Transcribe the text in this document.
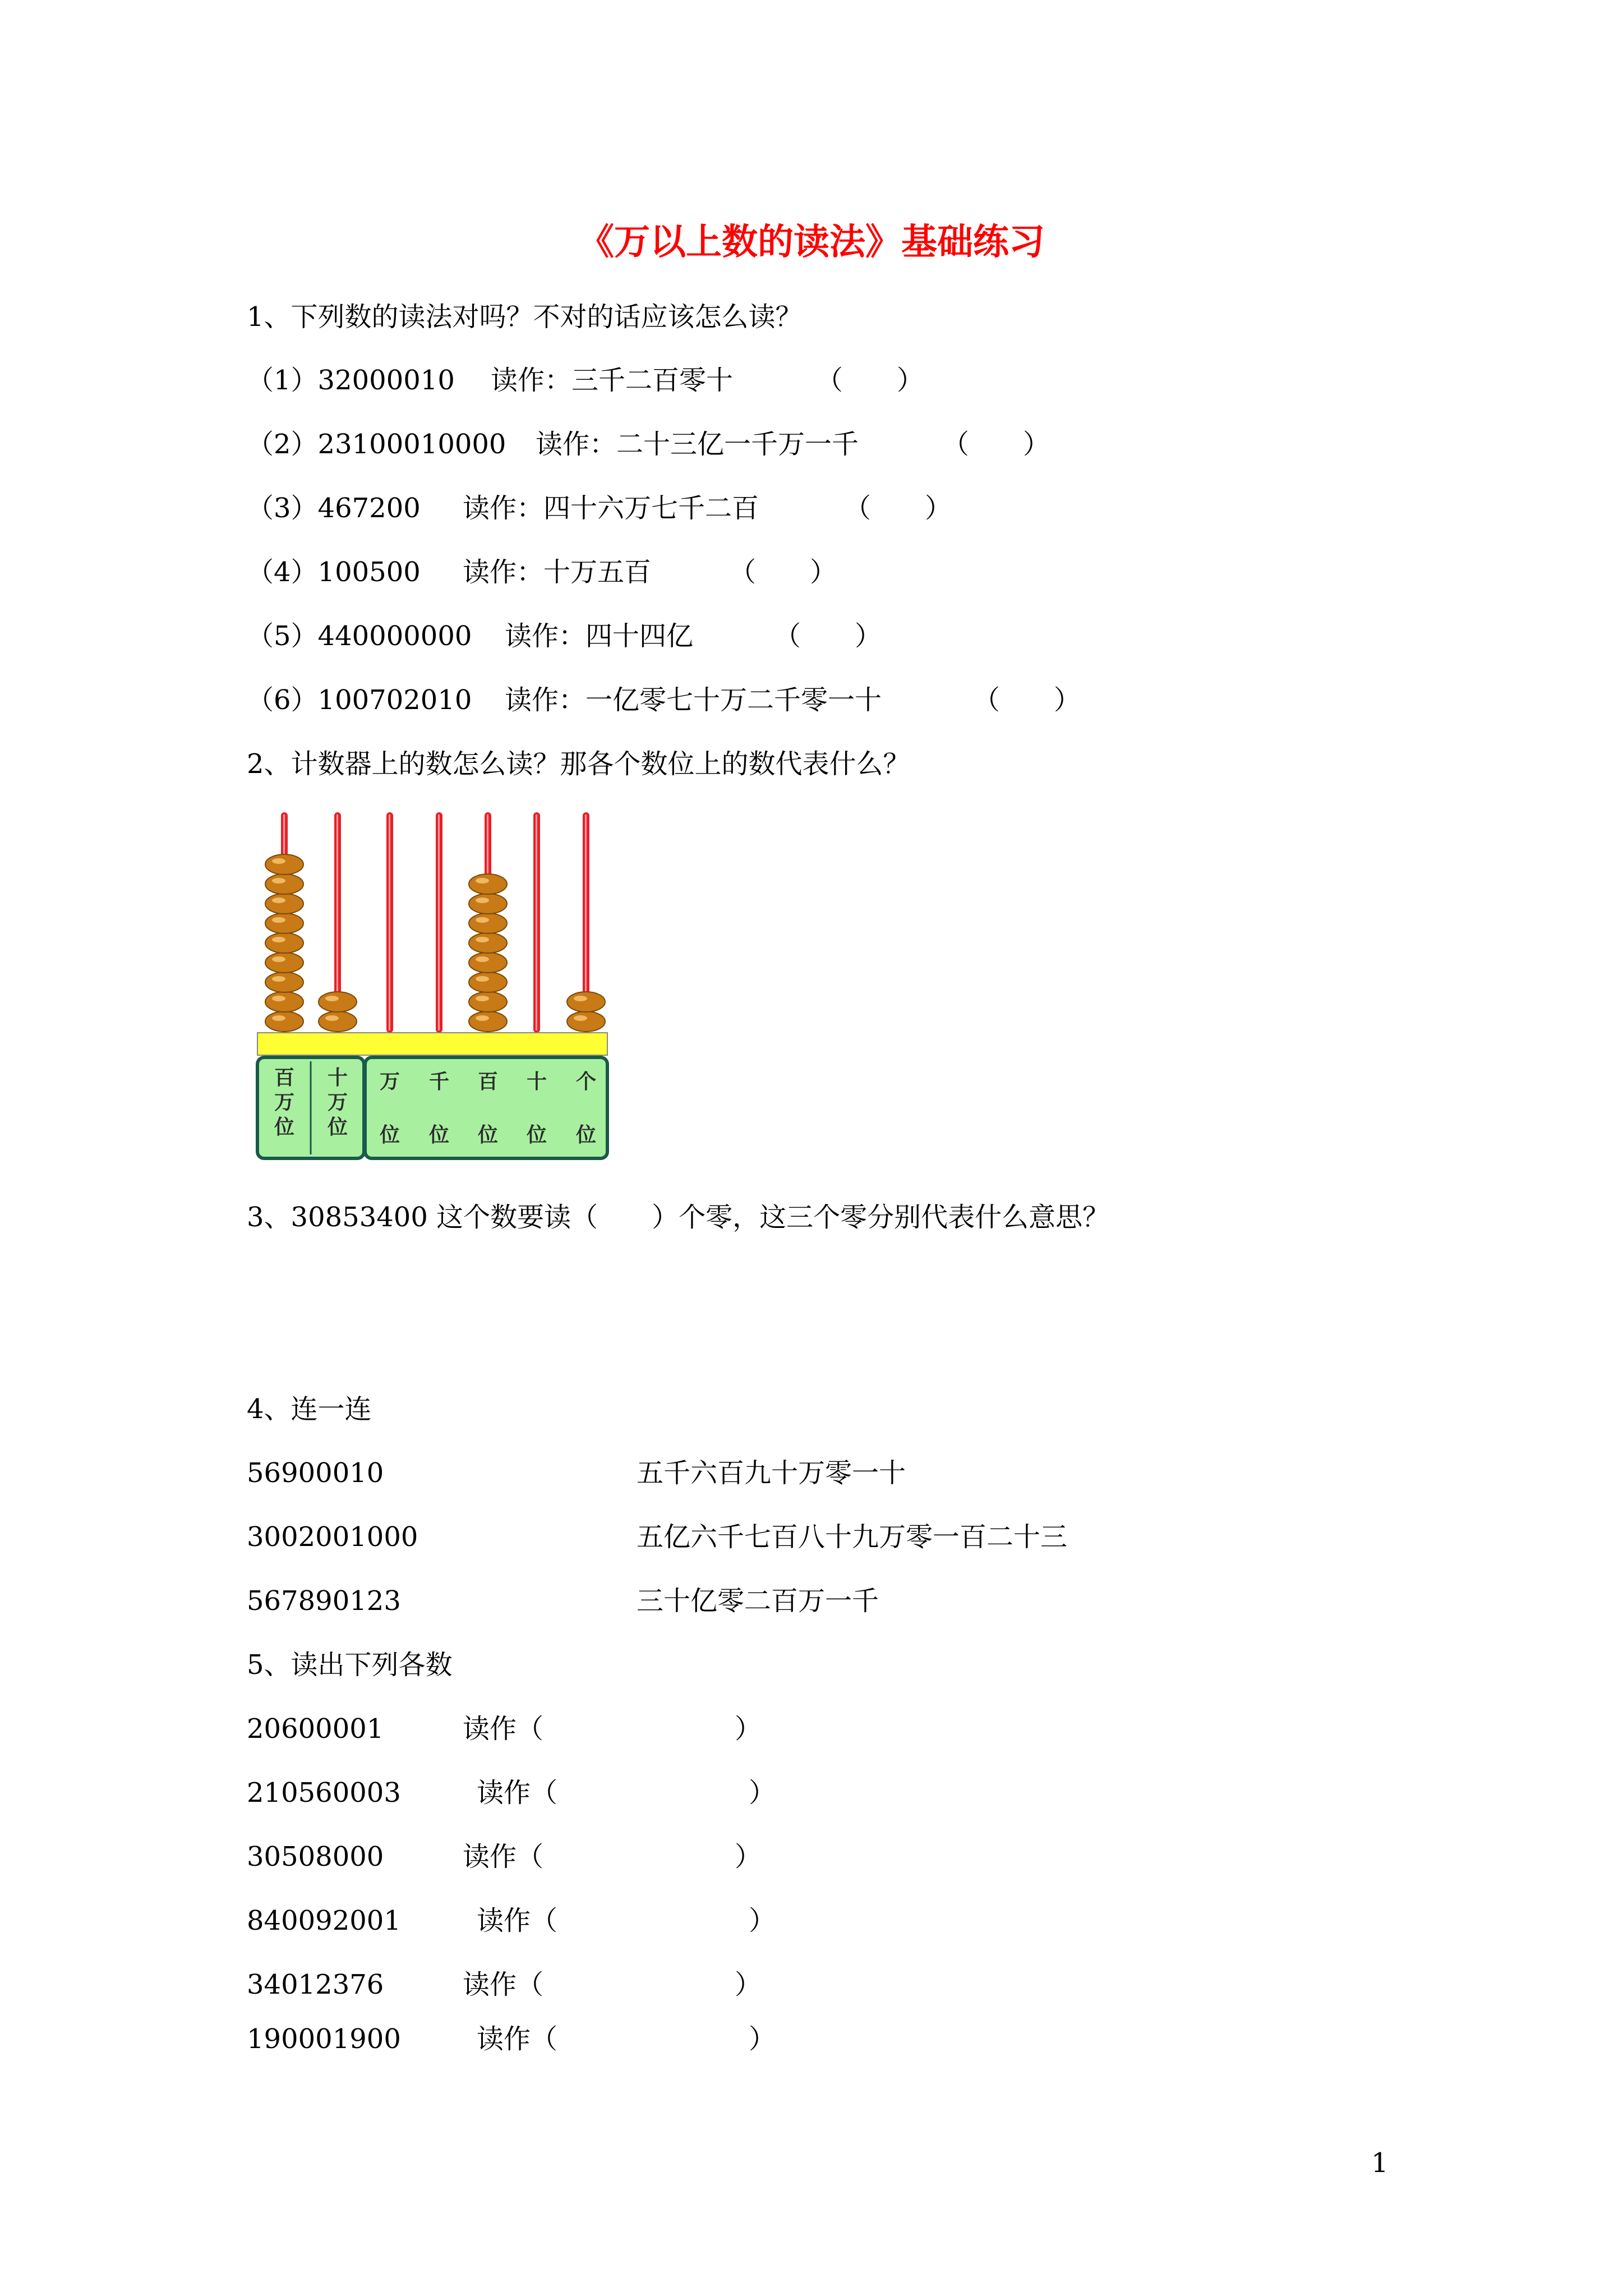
《万以上数的读法》基础练习
1、下列数的读法对吗？不对的话应该怎么读？
（1）32000010 读作：三千二百零十	（　　）
（2）23100010000 读作：二十三亿一千万一千	（　　）
（3）467200 读作：四十六万七千二百	（　　）
（4）100500 读作：十万五百	（　　）
（5）440000000 读作：四十四亿	（　　）
（6）100702010 读作：一亿零七十万二千零一十	（　　）
2、计数器上的数怎么读？那各个数位上的数代表什么？
百
万
位
十
万
位
万
位
千
位
百
位
十
位
个
位
3、30853400 这个数要读（　　）个零，这三个零分别代表什么意思？
4、连一连
56900010	五千六百九十万零一十
3002001000	五亿六千七百八十九万零一百二十三
567890123	三十亿零二百万一千
5、读出下列各数
20600001	读作（	）
210560003	读作（	）
30508000	读作（	）
840092001	读作（	）
34012376	读作（	）
190001900	读作（	）
1
